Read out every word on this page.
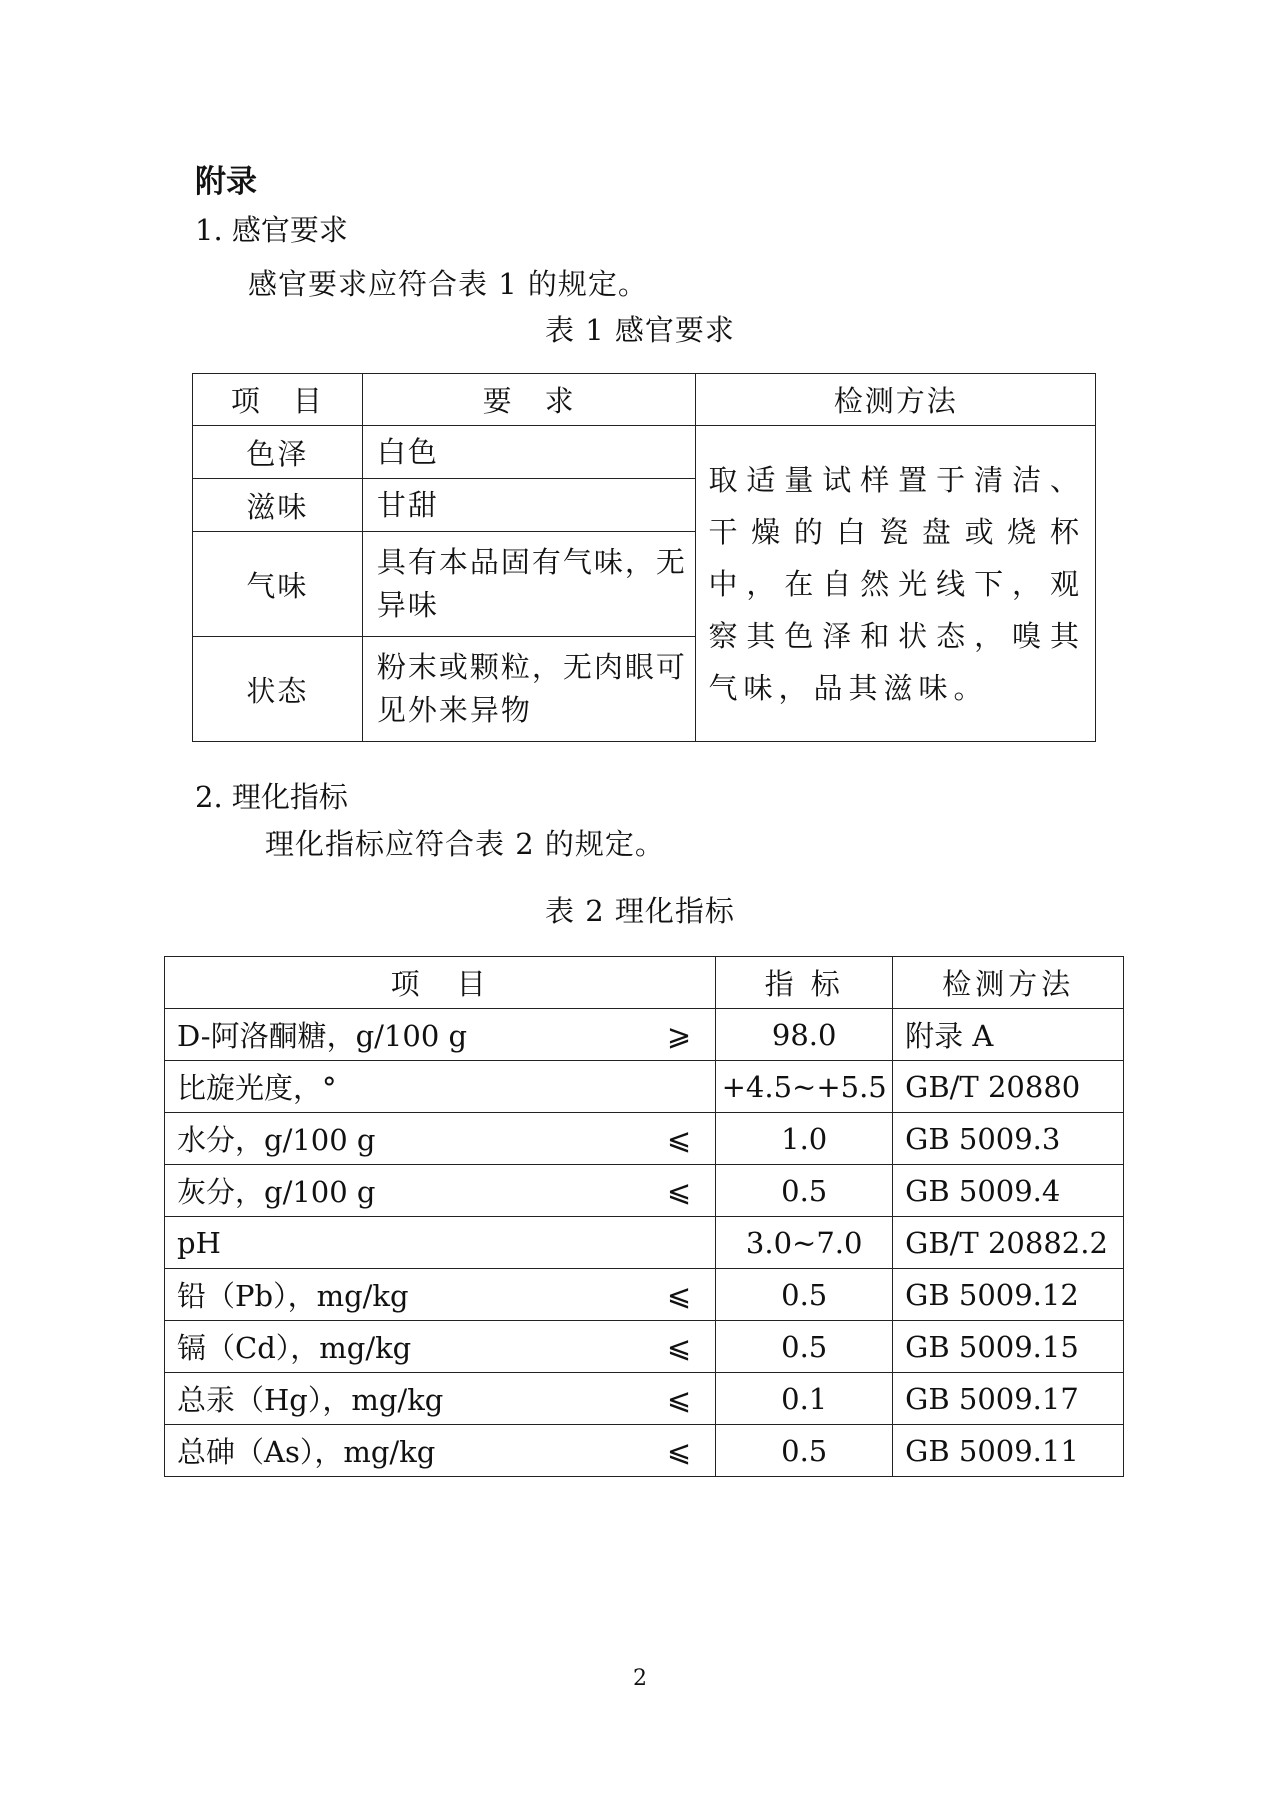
附录
1. 感官要求
感官要求应符合表 1 的规定。
表 1 感官要求
项　目	要　求	检测方法
色泽	白色	取适量试样置于清洁、干燥的白瓷盘或烧杯中，在自然光线下，观察其色泽和状态，嗅其气味，品其滋味。
滋味	甘甜	
气味	具有本品固有气味，无异味	
状态	粉末或颗粒，无肉眼可见外来异物	
2. 理化指标
理化指标应符合表 2 的规定。
表 2 理化指标
项　目	指 标	检测方法
D-阿洛酮糖，g/100 g ⩾	98.0	附录 A
比旋光度，°	+4.5~+5.5	GB/T 20880
水分，g/100 g ⩽	1.0	GB 5009.3
灰分，g/100 g ⩽	0.5	GB 5009.4
pH	3.0~7.0	GB/T 20882.2
铅（Pb），mg/kg ⩽	0.5	GB 5009.12
镉（Cd），mg/kg ⩽	0.5	GB 5009.15
总汞（Hg），mg/kg ⩽	0.1	GB 5009.17
总砷（As），mg/kg ⩽	0.5	GB 5009.11
2
